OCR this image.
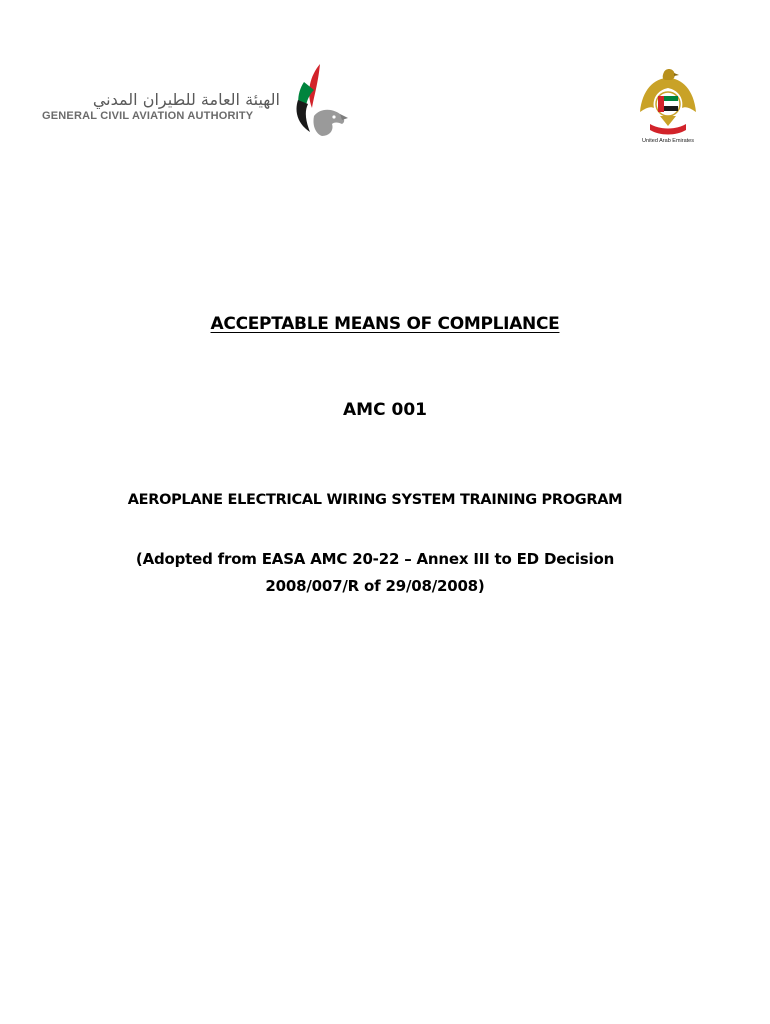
الهيئة العامة للطيران المدني
GENERAL CIVIL AVIATION AUTHORITY
United Arab Emirates
ACCEPTABLE MEANS OF COMPLIANCE
AMC 001
AEROPLANE ELECTRICAL WIRING SYSTEM TRAINING PROGRAM
(Adopted from EASA AMC 20-22 – Annex III to ED Decision
2008/007/R of 29/08/2008)
